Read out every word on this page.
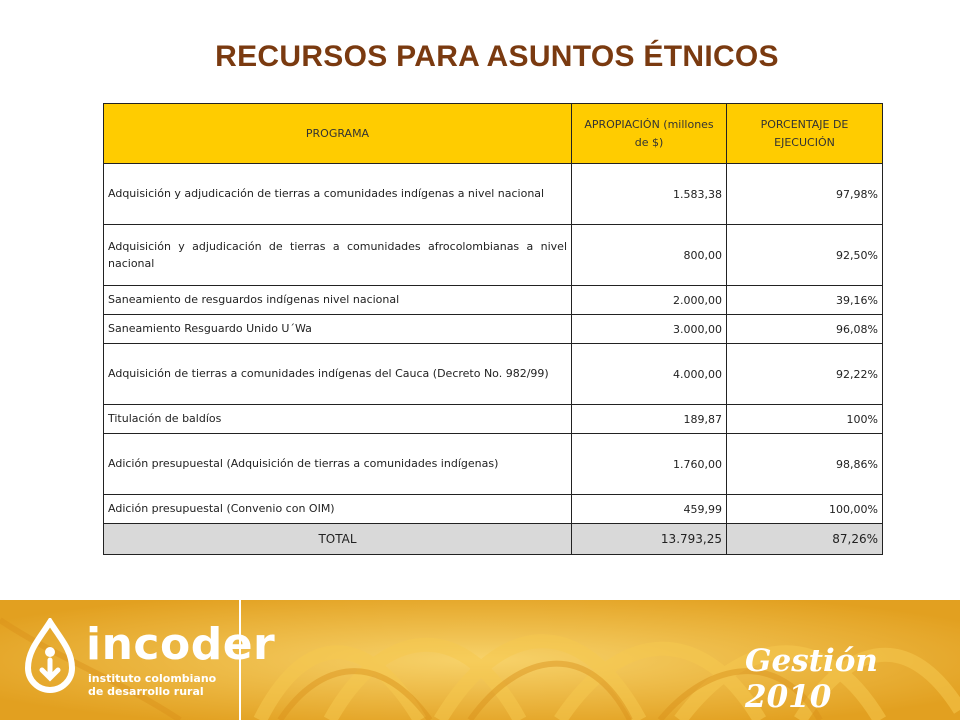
RECURSOS PARA ASUNTOS ÉTNICOS
PROGRAMA	APROPIACIÓN (millones de $)	PORCENTAJE DE EJECUCIÓN
Adquisición y adjudicación de tierras a comunidades indígenas a nivel nacional	1.583,38	97,98%
Adquisición y adjudicación de tierras a comunidades afrocolombianas a nivel nacional	800,00	92,50%
Saneamiento de resguardos indígenas nivel nacional	2.000,00	39,16%
Saneamiento Resguardo Unido U´Wa	3.000,00	96,08%
Adquisición de tierras a comunidades indígenas del Cauca (Decreto No. 982/99)	4.000,00	92,22%
Titulación de baldíos	189,87	100%
Adición presupuestal (Adquisición de tierras a comunidades indígenas)	1.760,00	98,86%
Adición presupuestal (Convenio con OIM)	459,99	100,00%
TOTAL	13.793,25	87,26%
incoder
instituto colombiano
de desarrollo rural
Gestión 2010
